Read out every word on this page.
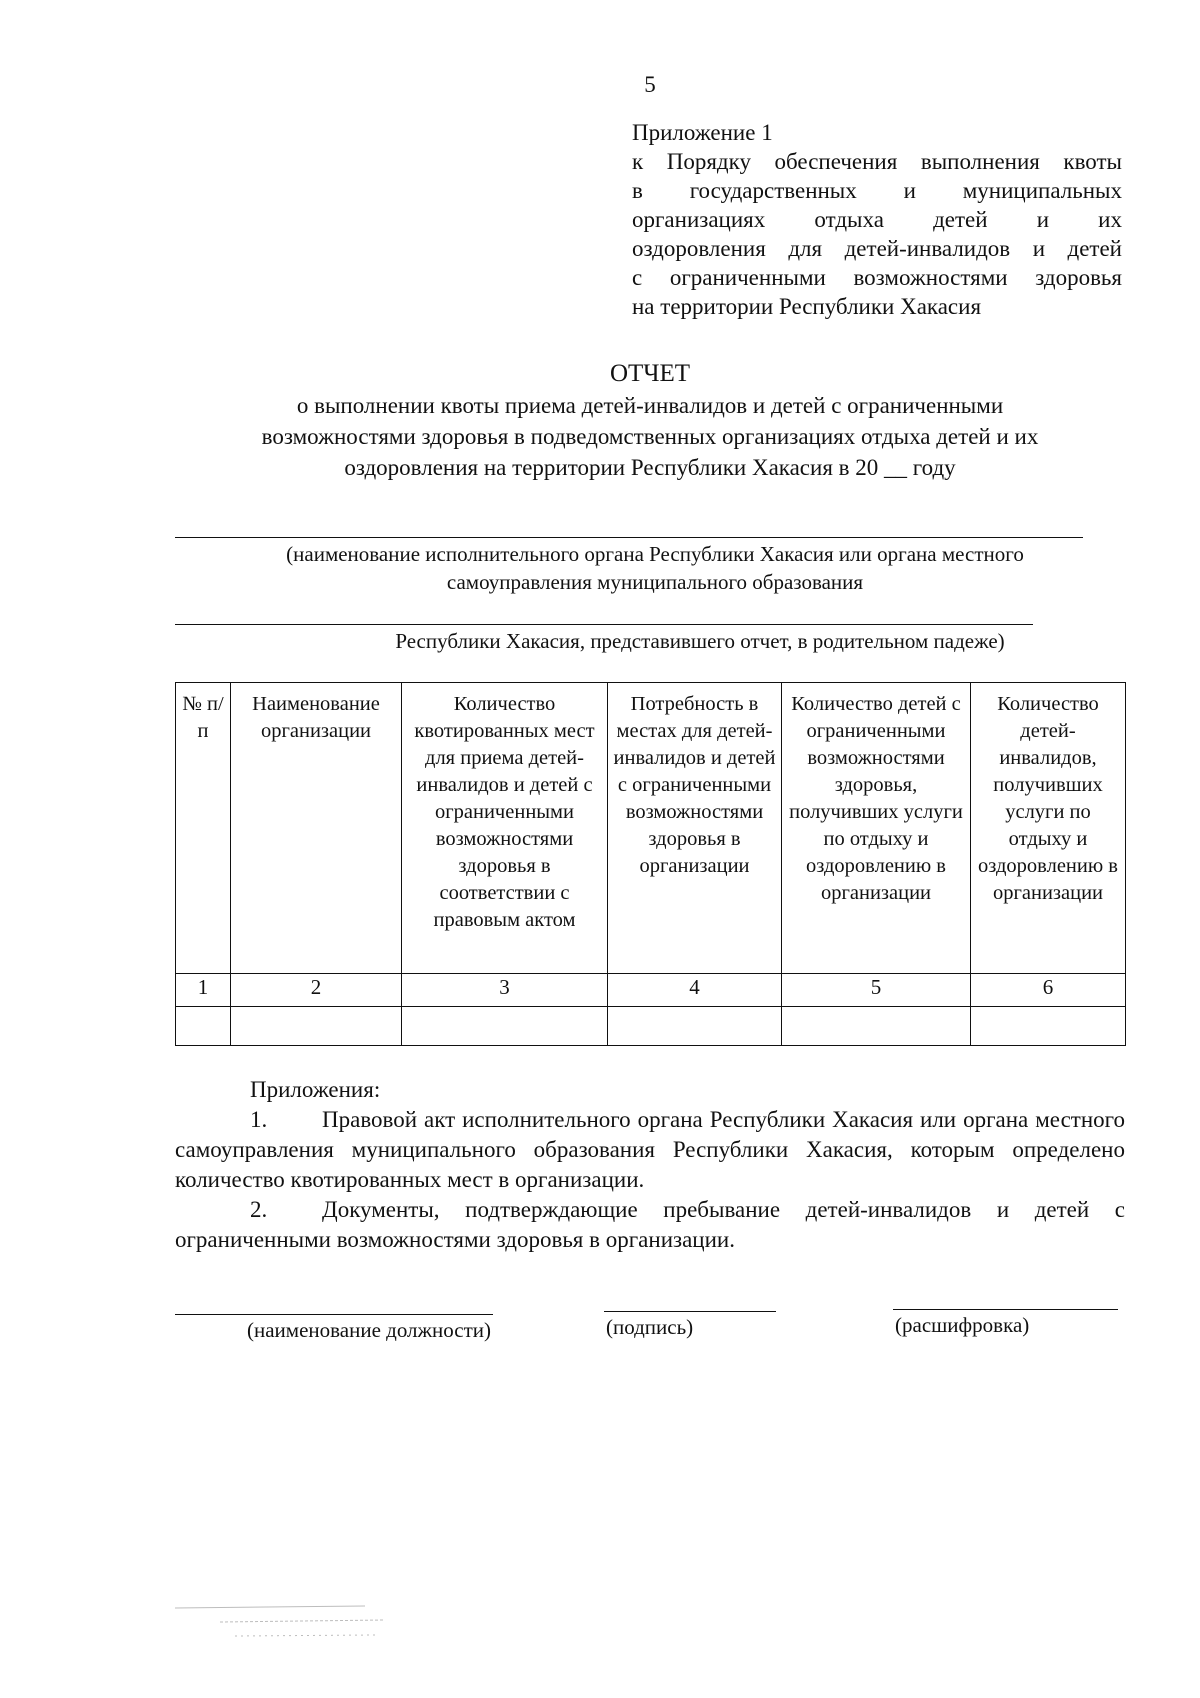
5
Приложение 1
к Порядку обеспечения выполнения квоты
в государственных и муниципальных
организациях отдыха детей и их
оздоровления для детей-инвалидов и детей
с ограниченными возможностями здоровья
на территории Республики Хакасия
ОТЧЕТ
о выполнении квоты приема детей-инвалидов и детей с ограниченными
возможностями здоровья в подведомственных организациях отдыха детей и их
оздоровления на территории Республики Хакасия в 20 __ году
(наименование исполнительного органа Республики Хакасия или органа местного
самоуправления муниципального образования
Республики Хакасия, представившего отчет, в родительном падеже)
№ п/п	Наименование организации	Количество квотированных мест для приема детей-инвалидов и детей с ограниченными возможностями здоровья в соответствии с правовым актом	Потребность в местах для детей-инвалидов и детей с ограниченными возможностями здоровья в организации	Количество детей с ограниченными возможностями здоровья, получивших услуги по отдыху и оздоровлению в организации	Количество детей-инвалидов, получивших услуги по отдыху и оздоровлению в организации
1	2	3	4	5	6

Приложения:

1. Правовой акт исполнительного органа Республики Хакасия или органа местного самоуправления муниципального образования Республики Хакасия, которым определено количество квотированных мест в организации.

2. Документы, подтверждающие пребывание детей-инвалидов и детей с ограниченными возможностями здоровья в организации.

(наименование должности)	(подпись)	(расшифровка)
